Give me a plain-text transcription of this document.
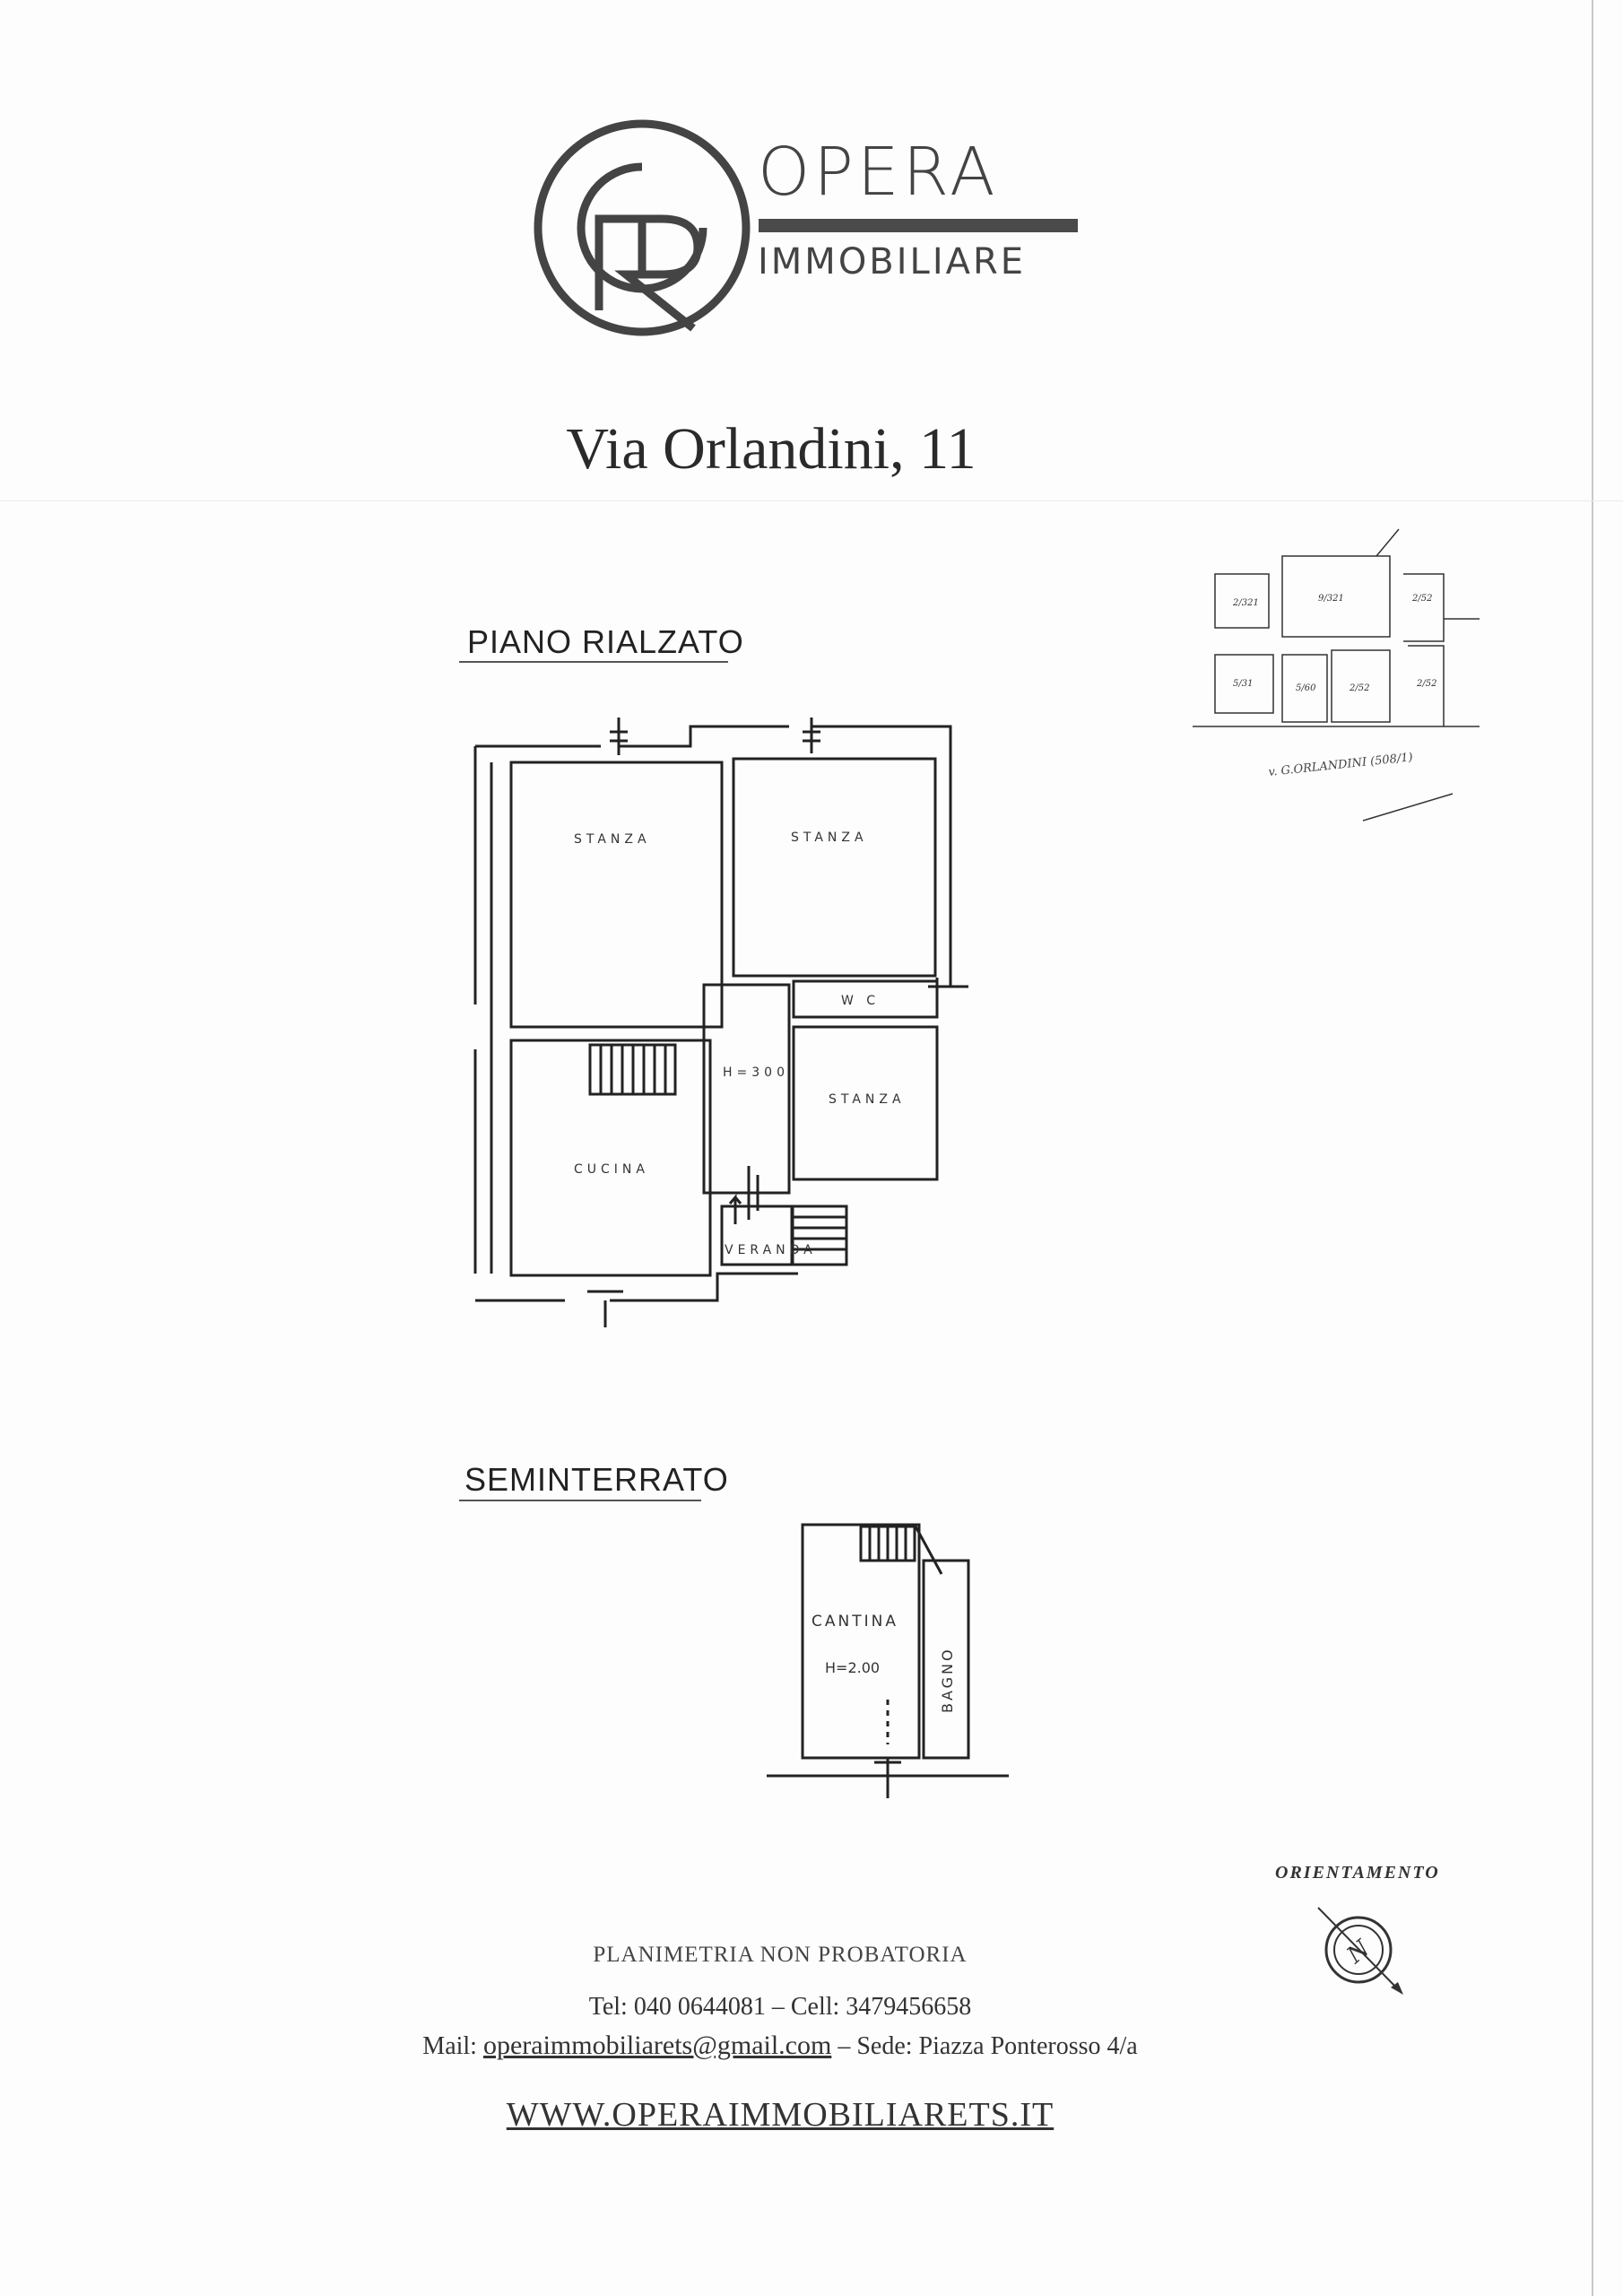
OPERA
IMMOBILIARE
Via Orlandini, 11
PIANO RIALZATO
STANZA	STANZA
W C
H=300
STANZA
CUCINA
VERANDA
SEMINTERRATO
CANTINA
H=2.00	BAGNO
2/321	9/321	2/52
5/31	5/60	2/52	2/52
v. G.ORLANDINI (508/1)
ORIENTAMENTO
N
PLANIMETRIA NON PROBATORIA
Tel: 040 0644081 – Cell: 3479456658
Mail: operaimmobiliarets@gmail.com – Sede: Piazza Ponterosso 4/a
WWW.OPERAIMMOBILIARETS.IT
